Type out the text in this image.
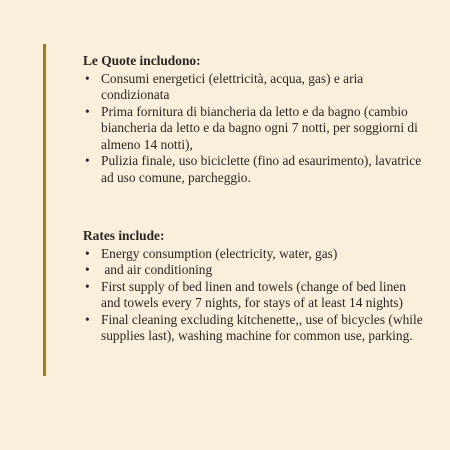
Le Quote includono:
• Consumi energetici (elettricità, acqua, gas) e aria condizionata
• Prima fornitura di biancheria da letto e da bagno (cambio biancheria da letto e da bagno ogni 7 notti, per soggiorni di almeno 14 notti),
• Pulizia finale, uso biciclette (fino ad esaurimento), lavatrice ad uso comune, parcheggio.
Rates include:
• Energy consumption (electricity, water, gas)
• and air conditioning
• First supply of bed linen and towels (change of bed linen and towels every 7 nights, for stays of at least 14 nights)
• Final cleaning excluding kitchenette,, use of bicycles (while supplies last), washing machine for common use, parking.
